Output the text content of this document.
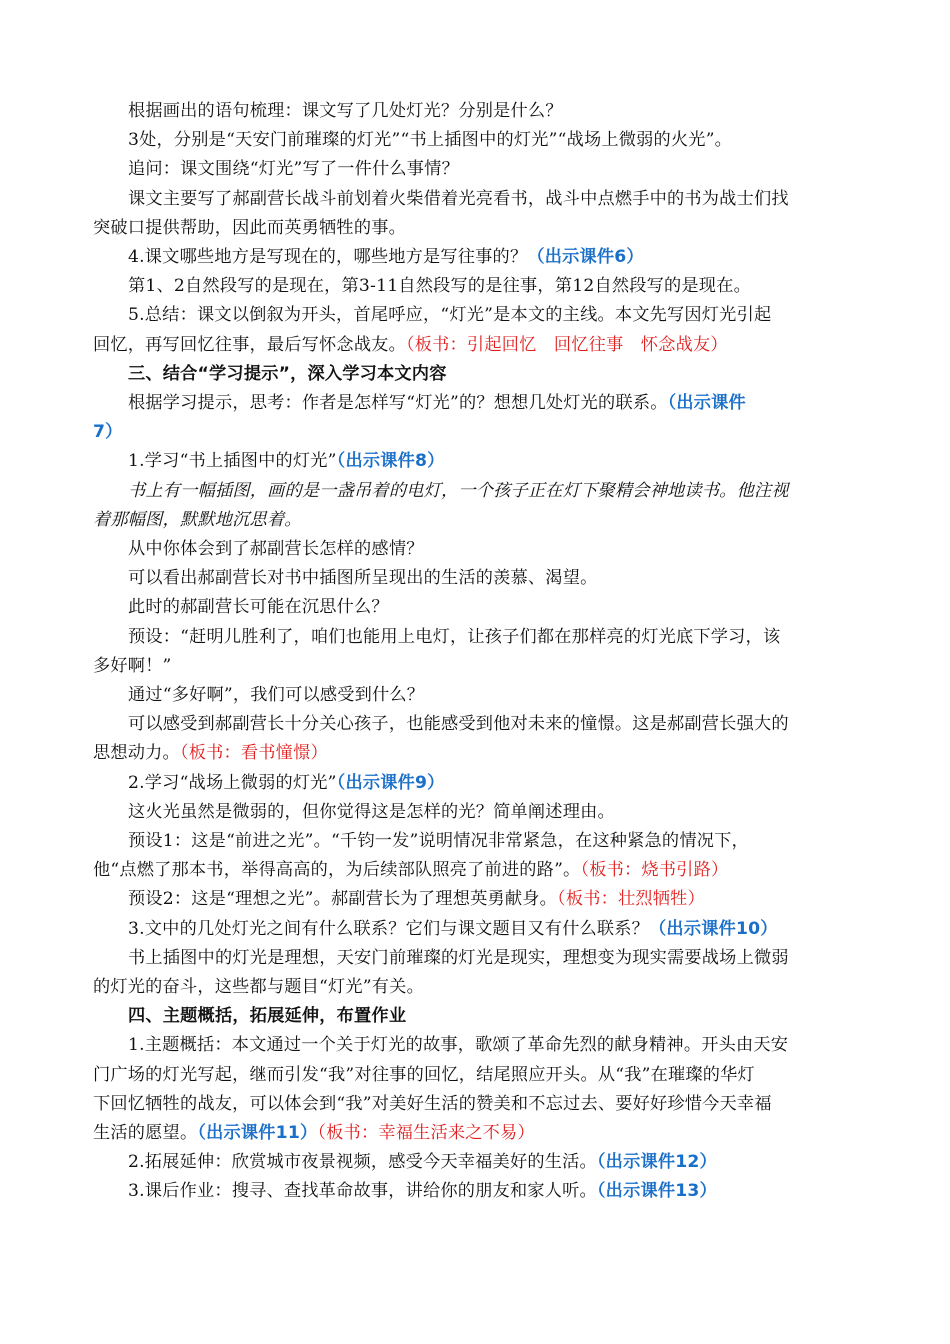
根据画出的语句梳理：课文写了几处灯光？分别是什么？
3处，分别是“天安门前璀璨的灯光”“书上插图中的灯光”“战场上微弱的火光”。
追问：课文围绕“灯光”写了一件什么事情？
课文主要写了郝副营长战斗前划着火柴借着光亮看书，战斗中点燃手中的书为战士们找
突破口提供帮助，因此而英勇牺牲的事。
4.课文哪些地方是写现在的，哪些地方是写往事的？（出示课件6）
第1、2自然段写的是现在，第3-11自然段写的是往事，第12自然段写的是现在。
5.总结：课文以倒叙为开头，首尾呼应，“灯光”是本文的主线。本文先写因灯光引起
回忆，再写回忆往事，最后写怀念战友。（板书：引起回忆　回忆往事　怀念战友）
三、结合“学习提示”，深入学习本文内容
根据学习提示，思考：作者是怎样写“灯光”的？想想几处灯光的联系。（出示课件
7）
1.学习“书上插图中的灯光”（出示课件8）
书上有一幅插图，画的是一盏吊着的电灯，一个孩子正在灯下聚精会神地读书。他注视
着那幅图，默默地沉思着。
从中你体会到了郝副营长怎样的感情？
可以看出郝副营长对书中插图所呈现出的生活的羡慕、渴望。
此时的郝副营长可能在沉思什么？
预设：“赶明儿胜利了，咱们也能用上电灯，让孩子们都在那样亮的灯光底下学习，该
多好啊！”
通过“多好啊”，我们可以感受到什么？
可以感受到郝副营长十分关心孩子，也能感受到他对未来的憧憬。这是郝副营长强大的
思想动力。（板书：看书憧憬）
2.学习“战场上微弱的灯光”（出示课件9）
这火光虽然是微弱的，但你觉得这是怎样的光？简单阐述理由。
预设1：这是“前进之光”。“千钧一发”说明情况非常紧急，在这种紧急的情况下，
他“点燃了那本书，举得高高的，为后续部队照亮了前进的路”。（板书：烧书引路）
预设2：这是“理想之光”。郝副营长为了理想英勇献身。（板书：壮烈牺牲）
3.文中的几处灯光之间有什么联系？它们与课文题目又有什么联系？（出示课件10）
书上插图中的灯光是理想，天安门前璀璨的灯光是现实，理想变为现实需要战场上微弱
的灯光的奋斗，这些都与题目“灯光”有关。
四、主题概括，拓展延伸，布置作业
1.主题概括：本文通过一个关于灯光的故事，歌颂了革命先烈的献身精神。开头由天安
门广场的灯光写起，继而引发“我”对往事的回忆，结尾照应开头。从“我”在璀璨的华灯
下回忆牺牲的战友，可以体会到“我”对美好生活的赞美和不忘过去、要好好珍惜今天幸福
生活的愿望。（出示课件11）（板书：幸福生活来之不易）
2.拓展延伸：欣赏城市夜景视频，感受今天幸福美好的生活。（出示课件12）
3.课后作业：搜寻、查找革命故事，讲给你的朋友和家人听。（出示课件13）
